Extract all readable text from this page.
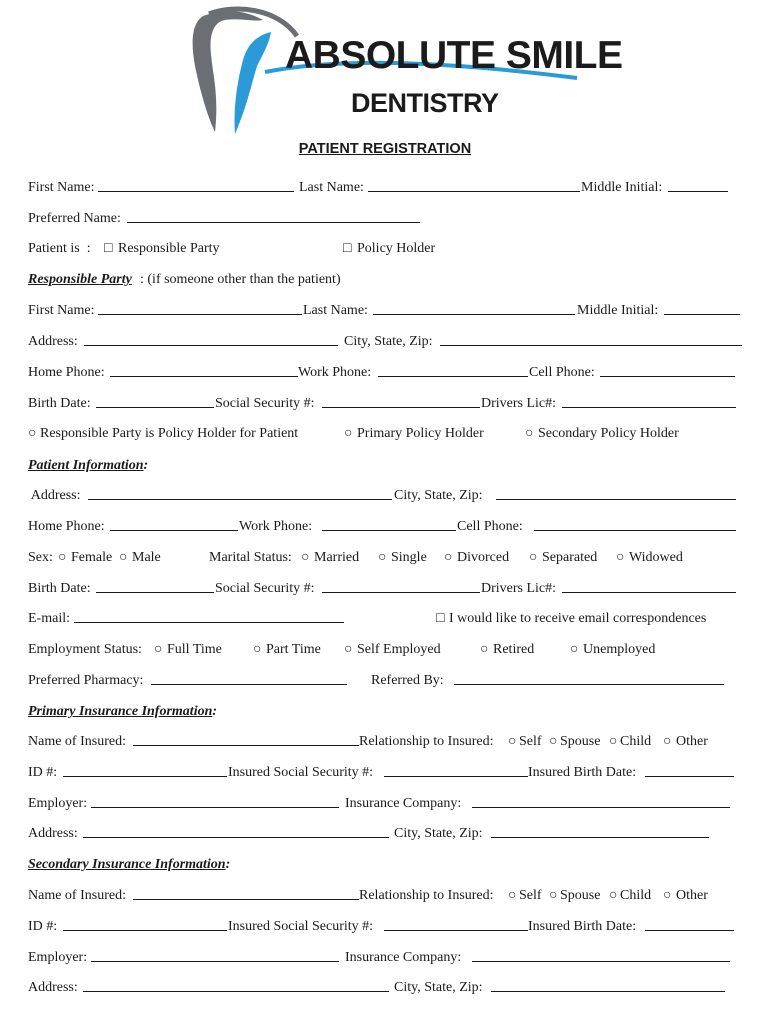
ABSOLUTE SMILE
DENTISTRY
PATIENT REGISTRATION
First Name:	Last Name:	Middle Initial:
Preferred Name:
Patient is  : □ Responsible Party	□ Policy Holder
Responsible Party : (if someone other than the patient)
First Name:	Last Name:	Middle Initial:
Address:	City, State, Zip:
Home Phone:	Work Phone:	Cell Phone:
Birth Date:	Social Security #:	Drivers Lic#:
○ Responsible Party is Policy Holder for Patient	○ Primary Policy Holder	○ Secondary Policy Holder
Patient Information:
Address:	City, State, Zip:
Home Phone:	Work Phone:	Cell Phone:
Sex: ○ Female ○ Male	Marital Status: ○ Married ○ Single ○ Divorced ○ Separated ○ Widowed
Birth Date:	Social Security #:	Drivers Lic#:
E-mail:	□ I would like to receive email correspondences
Employment Status: ○ Full Time ○ Part Time ○ Self Employed	○ Retired	○ Unemployed
Preferred Pharmacy:	Referred By:
Primary Insurance Information:
Name of Insured:	Relationship to Insured: ○ Self ○ Spouse ○ Child ○ Other
ID #:	Insured Social Security #:	Insured Birth Date:
Employer:	Insurance Company:
Address:	City, State, Zip:
Secondary Insurance Information:
Name of Insured:	Relationship to Insured: ○ Self ○ Spouse ○ Child ○ Other
ID #:	Insured Social Security #:	Insured Birth Date:
Employer:	Insurance Company:
Address:	City, State, Zip:
